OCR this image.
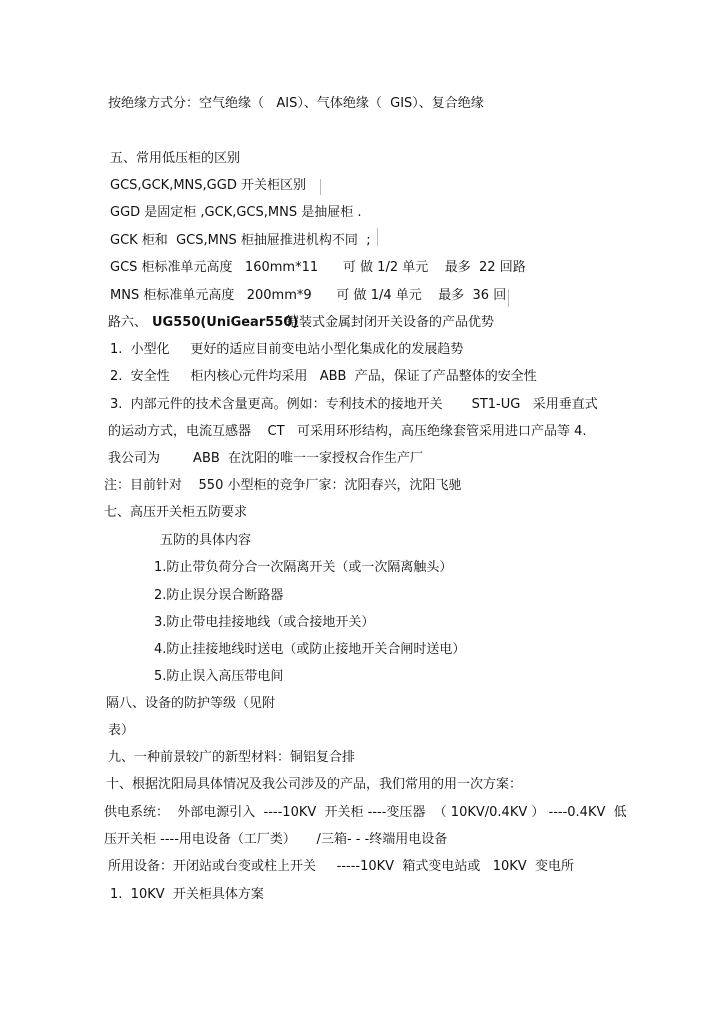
按绝缘方式分：空气绝缘（   AIS）、气体绝缘（  GIS）、复合绝缘
五、常用低压柜的区别
GCS,GCK,MNS,GGD 开关柜区别
GGD 是固定柜 ,GCK,GCS,MNS 是抽屉柜 .
GCK 柜和  GCS,MNS 柜抽屉推进机构不同  ;
GCS 柜标准单元高度   160mm*11      可 做 1/2 单元    最多  22 回路
MNS 柜标准单元高度   200mm*9      可 做 1/4 单元    最多  36 回
路六、 UG550(UniGear550)
铠装式金属封闭开关设备的产品优势
1.  小型化     更好的适应目前变电站小型化集成化的发展趋势
2.  安全性     柜内核心元件均采用   ABB  产品，保证了产品整体的安全性
3.  内部元件的技术含量更高。例如：专利技术的接地开关       ST1-UG   采用垂直式
的运动方式，电流互感器    CT   可采用环形结构，高压绝缘套管采用进口产品等 4.
我公司为        ABB  在沈阳的唯一一家授权合作生产厂
注：目前针对    550 小型柜的竞争厂家：沈阳春兴，沈阳飞驰
七、高压开关柜五防要求
五防的具体内容
1.防止带负荷分合一次隔离开关（或一次隔离触头）
2.防止误分误合断路器
3.防止带电挂接地线（或合接地开关）
4.防止挂接地线时送电（或防止接地开关合闸时送电）
5.防止误入高压带电间
隔八、设备的防护等级（见附
表）
九、一种前景较广的新型材料：铜铝复合排
十、根据沈阳局具体情况及我公司涉及的产品，我们常用的用一次方案：
供电系统：  外部电源引入  ----10KV  开关柜 ----变压器  （ 10KV/0.4KV ） ----0.4KV  低
压开关柜 ----用电设备（工厂类）     /三箱- - -终端用电设备
所用设备：开闭站或台变或柱上开关     -----10KV  箱式变电站或   10KV  变电所
1.  10KV  开关柜具体方案
